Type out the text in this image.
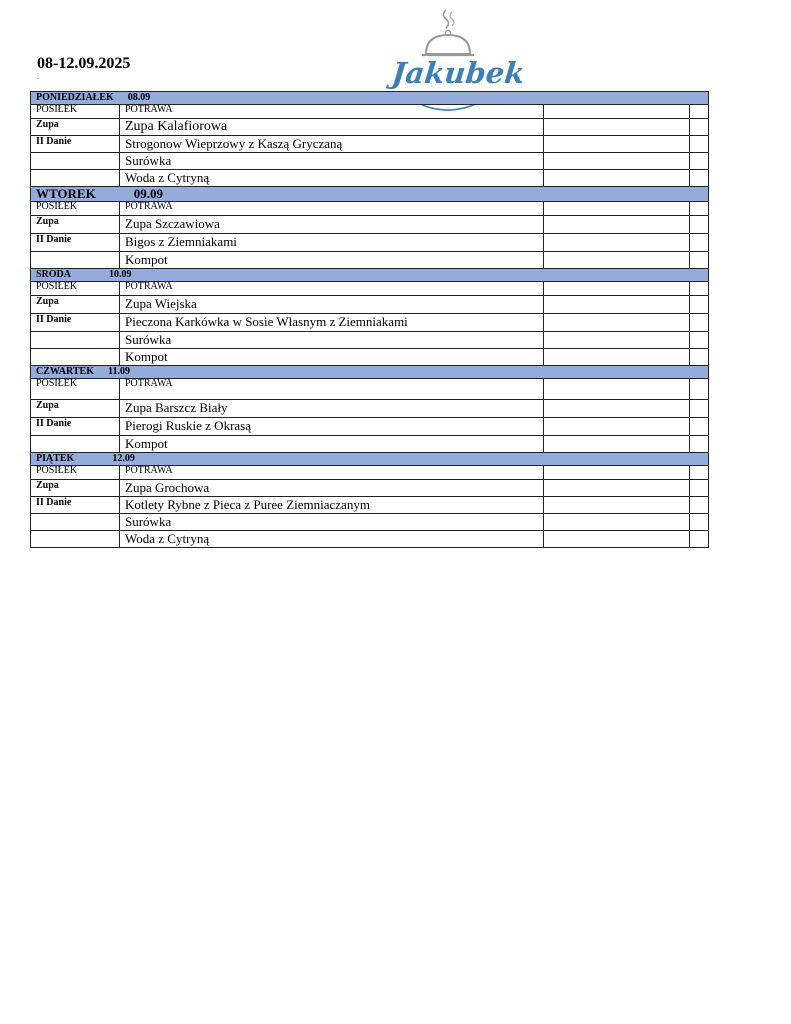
08-12.09.2025
-	Jakubek
PONIEDZIAŁEK 08.09			
POSIŁEK	POTRAWA		
Zupa	Zupa Kalafiorowa		
II Danie	Strogonow Wieprzowy z Kaszą Gryczaną		
	Surówka		
	Woda z Cytryną		
WTOREK 09.09			
POSIŁEK	POTRAWA		
Zupa	Zupa Szczawiowa		
II Danie	Bigos z Ziemniakami		
	Kompot		
ŚRODA 10.09			
POSIŁEK	POTRAWA		
Zupa	Zupa Wiejska		
II Danie	Pieczona Karkówka w Sosie Własnym z Ziemniakami		
	Surówka		
	Kompot		
CZWARTEK 11.09			
POSIŁEK	POTRAWA		
Zupa	Zupa Barszcz Biały		
II Danie	Pierogi Ruskie z Okrasą		
	Kompot		
PIĄTEK 12.09			
POSIŁEK	POTRAWA		
Zupa	Zupa Grochowa		
II Danie	Kotlety Rybne z Pieca z Puree Ziemniaczanym		
	Surówka		
	Woda z Cytryną		
